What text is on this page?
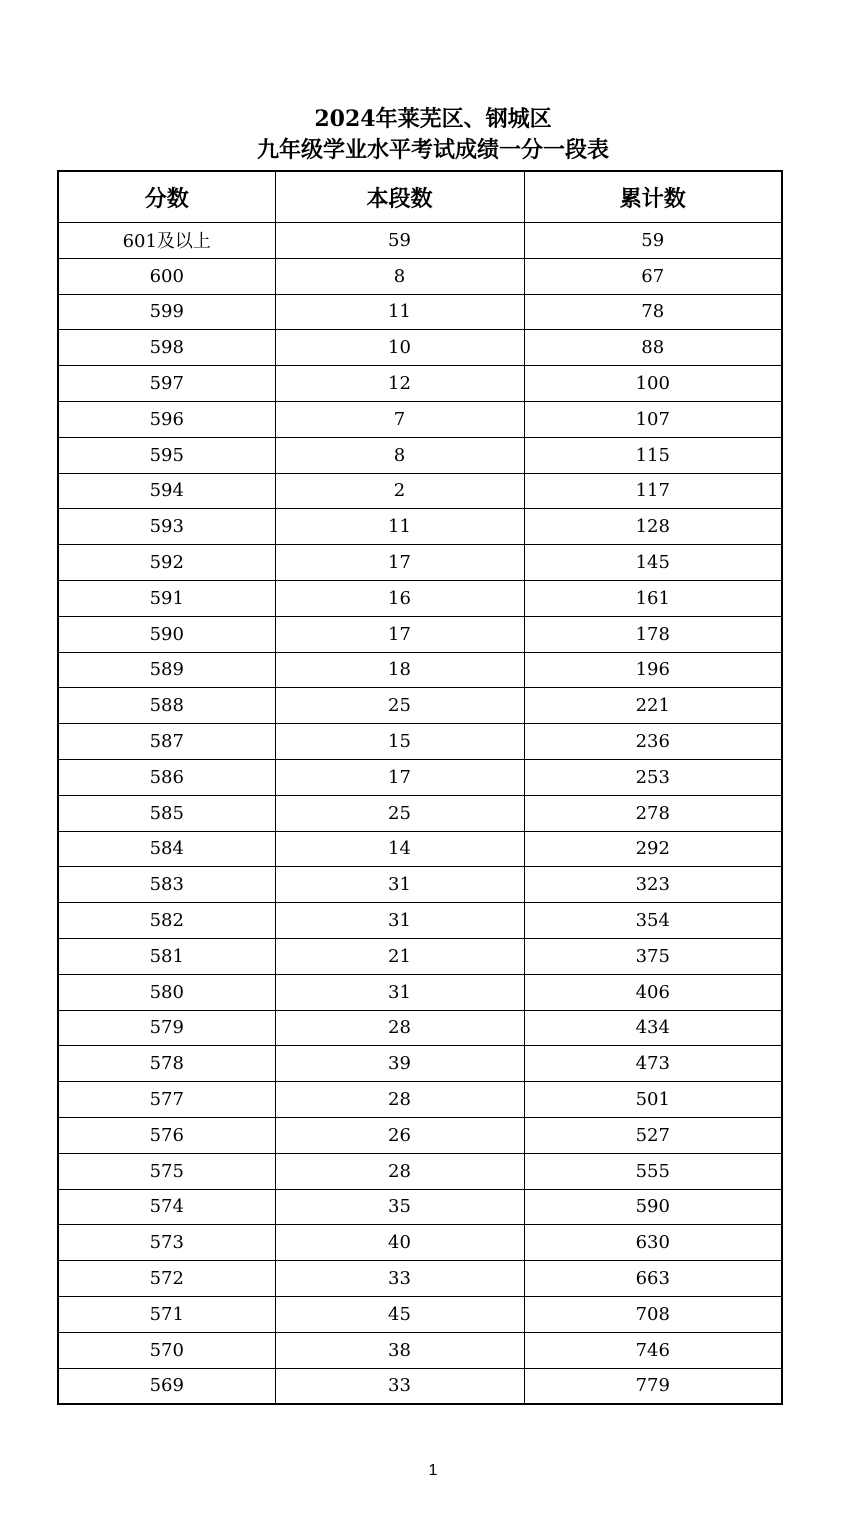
2024年莱芜区、钢城区
九年级学业水平考试成绩一分一段表
分数	本段数	累计数
601及以上	59	59
600	8	67
599	11	78
598	10	88
597	12	100
596	7	107
595	8	115
594	2	117
593	11	128
592	17	145
591	16	161
590	17	178
589	18	196
588	25	221
587	15	236
586	17	253
585	25	278
584	14	292
583	31	323
582	31	354
581	21	375
580	31	406
579	28	434
578	39	473
577	28	501
576	26	527
575	28	555
574	35	590
573	40	630
572	33	663
571	45	708
570	38	746
569	33	779
1
